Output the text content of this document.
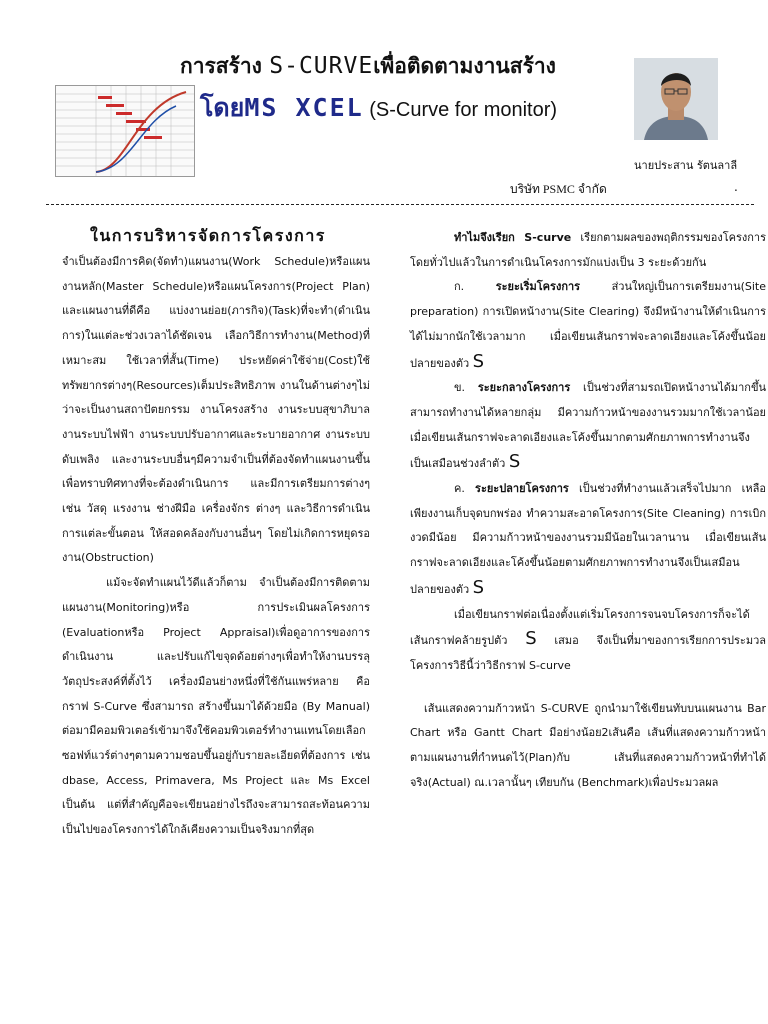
การสร้าง S-CURVEเพื่อติดตามงานสร้าง
โดยMS XCEL (S-Curve for monitor)
นายประสาน รัตนลาลี
บริษัท PSMC จำกัด	.
ในการบริหารจัดการโครงการ

จำเป็นต้องมีการคิด(จัดทำ)แผนงาน(Work Schedule)หรือแผนงานหลัก(Master Schedule)หรือแผนโครงการ(Project Plan) และแผนงานที่ดีคือ แบ่งงานย่อย(ภารกิจ)(Task)ที่จะทำ(ดำเนินการ)ในแต่ละช่วงเวลาได้ชัดเจน เลือกวิธีการทำงาน(Method)ที่เหมาะสม ใช้เวลาที่สั้น(Time) ประหยัดค่าใช้จ่าย(Cost)ใช้ทรัพยากรต่างๆ(Resources)เต็มประสิทธิภาพ งานในด้านต่างๆไม่ว่าจะเป็นงานสถาปัตยกรรม งานโครงสร้าง งานระบบสุขาภิบาล งานระบบไฟฟ้า งานระบบปรับอากาศและระบายอากาศ งานระบบดับเพลิง และงานระบบอื่นๆมีความจำเป็นที่ต้องจัดทำแผนงานขึ้น เพื่อทราบทิศทางที่จะต้องดำเนินการ และมีการเตรียมการต่างๆ เช่น วัสดุ แรงงาน ช่างฝีมือ เครื่องจักร ต่างๆ และวิธีการดำเนินการแต่ละขั้นตอน ให้สอดคล้องกับงานอื่นๆ โดยไม่เกิดการหยุดรองาน(Obstruction)

แม้จะจัดทำแผนไว้ดีแล้วก็ตาม จำเป็นต้องมีการติดตามแผนงาน(Monitoring)หรือ การประเมินผลโครงการ (Evaluationหรือ Project Appraisal)เพื่อดูอาการของการดำเนินงาน และปรับแก้ไขจุดด้อยต่างๆเพื่อทำให้งานบรรลุวัตถุประสงค์ที่ตั้งไว้ เครื่องมือนย่างหนึ่งที่ใช้กันแพร่หลาย คือ กราฟ S-Curve ซึ่งสามารถ สร้างขึ้นมาได้ด้วยมือ (By Manual) ต่อมามีคอมพิวเตอร์เข้ามาจึงใช้คอมพิวเตอร์ทำงานแทนโดยเลือกซอฟท์แวร์ต่างๆตามความชอบขึ้นอยู่กับรายละเอียดที่ต้องการ เช่น dbase, Access, Primavera, Ms Project และ Ms Excel เป็นต้น แต่ที่สำคัญคือจะเขียนอย่างไรถึงจะสามารถสะท้อนความเป็นไปของโครงการได้ใกล้เคียงความเป็นจริงมากที่สุด

ทำไมจึงเรียก S-curve เรียกตามผลของพฤติกรรมของโครงการ โดยทั่วไปแล้วในการดำเนินโครงการมักแบ่งเป็น 3 ระยะด้วยกัน

ก. ระยะเริ่มโครงการ ส่วนใหญ่เป็นการเตรียมงาน(Site preparation) การเปิดหน้างาน(Site Clearing) จึงมีหน้างานให้ดำเนินการได้ไม่มากนักใช้เวลามาก เมื่อเขียนเส้นกราฟจะลาดเอียงและโค้งขึ้นน้อยปลายของตัว S

ข. ระยะกลางโครงการ เป็นช่วงที่สามรถเปิดหน้างานได้มากขึ้นสามารถทำงานได้หลายกลุ่ม มีความก้าวหน้าของงานรวมมากใช้เวลาน้อย เมื่อเขียนเส้นกราฟจะลาดเอียงและโค้งขึ้นมากตามศักยภาพการทำงานจึงเป็นเสมือนช่วงลำตัว S

ค. ระยะปลายโครงการ เป็นช่วงที่ทำงานแล้วเสร็จไปมาก เหลือเพียงงานเก็บจุดบกพร่อง ทำความสะอาดโครงการ(Site Cleaning) การเบิกงวดมีน้อย มีความก้าวหน้าของงานรวมมีน้อยในเวลานาน เมื่อเขียนเส้นกราฟจะลาดเอียงและโค้งขึ้นน้อยตามศักยภาพการทำงานจึงเป็นเสมือนปลายของตัว S

เมื่อเขียนกราฟต่อเนื่องตั้งแต่เริ่มโครงการจนจบโครงการก็จะได้เส้นกราฟคล้ายรูปตัว S เสมอ จึงเป็นที่มาของการเรียกการประมวลโครงการวิธีนี้ว่าวิธีกราฟ S-curve

เส้นแสดงความก้าวหน้า S-CURVE ถูกนำมาใช้เขียนทับบนแผนงาน Bar Chart หรือ Gantt Chart มีอย่างน้อย2เส้นคือ เส้นที่แสดงความก้าวหน้าตามแผนงานที่กำหนดไว้(Plan)กับ เส้นที่แสดงความก้าวหน้าที่ทำได้จริง(Actual) ณ.เวลานั้นๆ เทียบกัน (Benchmark)เพื่อประมวลผล
